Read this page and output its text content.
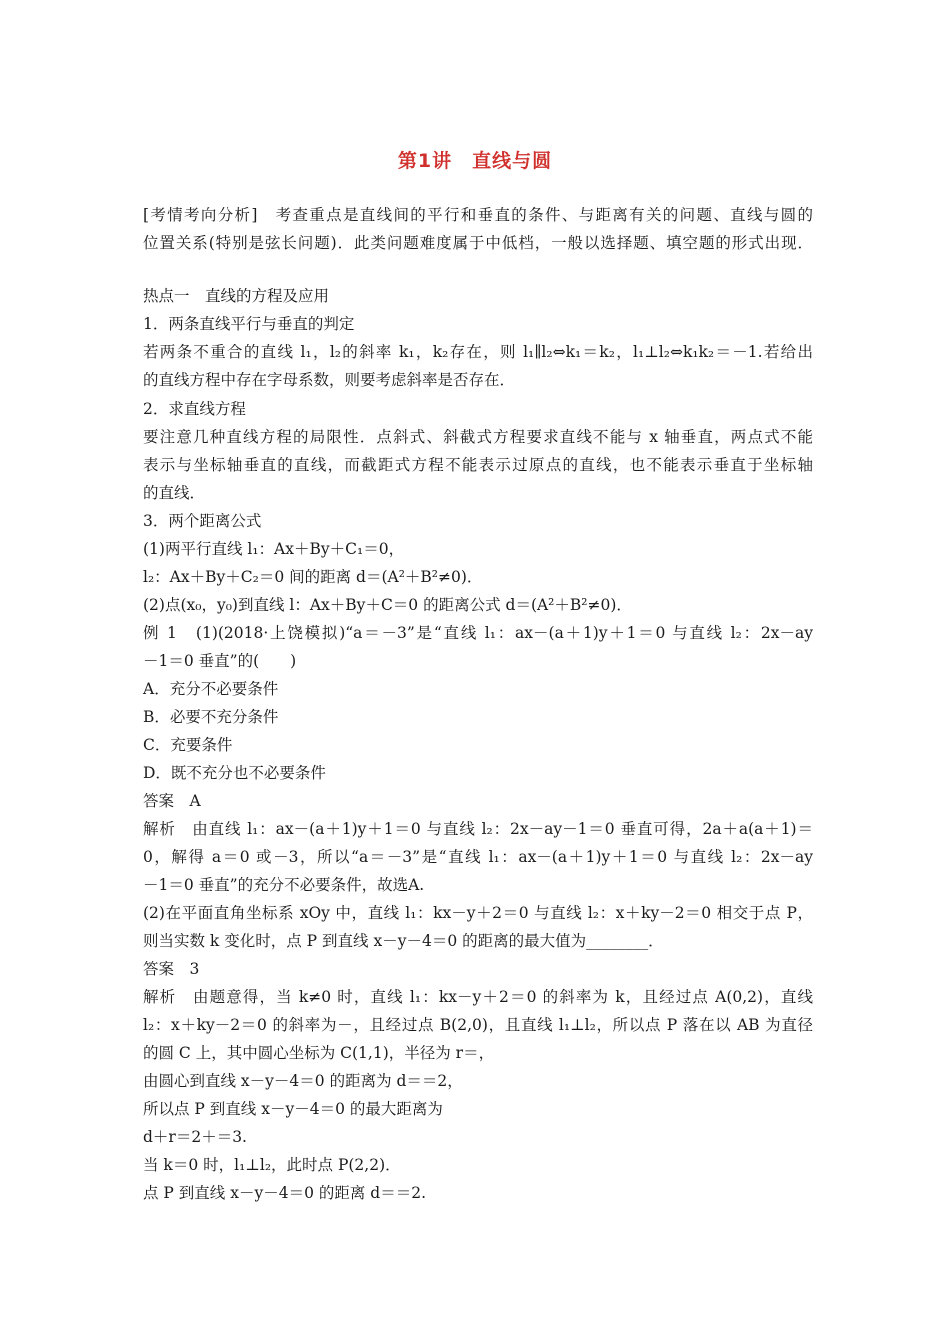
第1讲　直线与圆
[考情考向分析]　考查重点是直线间的平行和垂直的条件、与距离有关的问题、直线与圆的
位置关系(特别是弦长问题)．此类问题难度属于中低档，一般以选择题、填空题的形式出现．
热点一　直线的方程及应用
1．两条直线平行与垂直的判定
若两条不重合的直线 l₁，l₂的斜率 k₁，k₂存在，则 l₁∥l₂⇔k₁＝k₂，l₁⊥l₂⇔k₁k₂＝－1.若给出
的直线方程中存在字母系数，则要考虑斜率是否存在．
2．求直线方程
要注意几种直线方程的局限性．点斜式、斜截式方程要求直线不能与 x 轴垂直，两点式不能
表示与坐标轴垂直的直线，而截距式方程不能表示过原点的直线，也不能表示垂直于坐标轴
的直线．
3．两个距离公式
(1)两平行直线 l₁：Ax＋By＋C₁＝0，
l₂：Ax＋By＋C₂＝0 间的距离 d＝(A²＋B²≠0)．
(2)点(x₀，y₀)到直线 l：Ax＋By＋C＝0 的距离公式 d＝(A²＋B²≠0)．
例 1　(1)(2018·上饶模拟)“a＝－3”是“直线 l₁：ax－(a＋1)y＋1＝0 与直线 l₂：2x－ay
－1＝0 垂直”的(　　)
A．充分不必要条件
B．必要不充分条件
C．充要条件
D．既不充分也不必要条件
答案　A
解析　由直线 l₁：ax－(a＋1)y＋1＝0 与直线 l₂：2x－ay－1＝0 垂直可得，2a＋a(a＋1)＝
0，解得 a＝0 或－3，所以“a＝－3”是“直线 l₁：ax－(a＋1)y＋1＝0 与直线 l₂：2x－ay
－1＝0 垂直”的充分不必要条件，故选A.
(2)在平面直角坐标系 xOy 中，直线 l₁：kx－y＋2＝0 与直线 l₂：x＋ky－2＝0 相交于点 P，
则当实数 k 变化时，点 P 到直线 x－y－4＝0 的距离的最大值为________．
答案　3
解析　由题意得，当 k≠0 时，直线 l₁：kx－y＋2＝0 的斜率为 k，且经过点 A(0,2)，直线
l₂：x＋ky－2＝0 的斜率为－，且经过点 B(2,0)，且直线 l₁⊥l₂，所以点 P 落在以 AB 为直径
的圆 C 上，其中圆心坐标为 C(1,1)，半径为 r＝，
由圆心到直线 x－y－4＝0 的距离为 d＝＝2，
所以点 P 到直线 x－y－4＝0 的最大距离为
d＋r＝2＋＝3.
当 k＝0 时，l₁⊥l₂，此时点 P(2,2)．
点 P 到直线 x－y－4＝0 的距离 d＝＝2.
